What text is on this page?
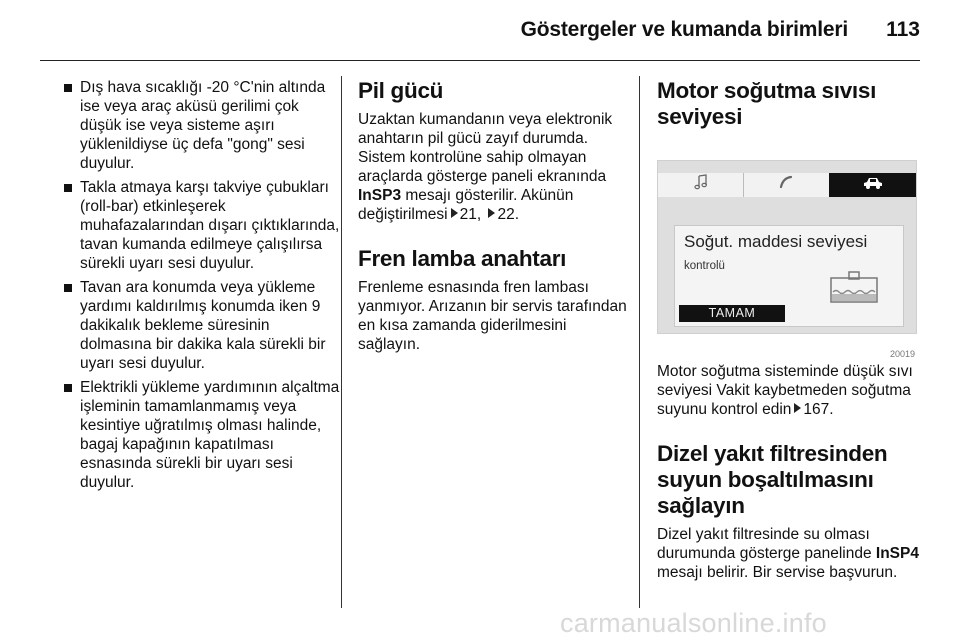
Göstergeler ve kumanda birimleri 113
Dış hava sıcaklığı -20 °C'nin altında ise veya araç aküsü gerilimi çok düşük ise veya sisteme aşırı yüklenildiyse üç defa "gong" sesi duyulur.
Takla atmaya karşı takviye çubukları (roll-bar) etkinleşerek muhafazalarından dışarı çıktıklarında, tavan kumanda edilmeye çalışılırsa sürekli uyarı sesi duyulur.
Tavan ara konumda veya yükleme yardımı kaldırılmış konumda iken 9 dakikalık bekleme süresinin dolmasına bir dakika kala sürekli bir uyarı sesi duyulur.
Elektrikli yükleme yardımının alçaltma işleminin tamamlanmamış veya kesintiye uğratılmış olması halinde, bagaj kapağının kapatılması esnasında sürekli bir uyarı sesi duyulur.
Pil gücü

Uzaktan kumandanın veya elektronik anahtarın pil gücü zayıf durumda. Sistem kontrolüne sahip olmayan araçlarda gösterge paneli ekranında InSP3 mesajı gösterilir. Akünün değiştirilmesi 21, 22.

Fren lamba anahtarı

Frenleme esnasında fren lambası yanmıyor. Arızanın bir servis tarafından en kısa zamanda giderilmesini sağlayın.

Motor soğutma sıvısı seviyesi
Soğut. maddesi seviyesi
kontrolü
TAMAM
20019

Motor soğutma sisteminde düşük sıvı seviyesi Vakit kaybetmeden soğutma suyunu kontrol edin 167.

Dizel yakıt filtresinden suyun boşaltılmasını sağlayın

Dizel yakıt filtresinde su olması durumunda gösterge panelinde InSP4 mesajı belirir. Bir servise başvurun.

carmanualsonline.info
